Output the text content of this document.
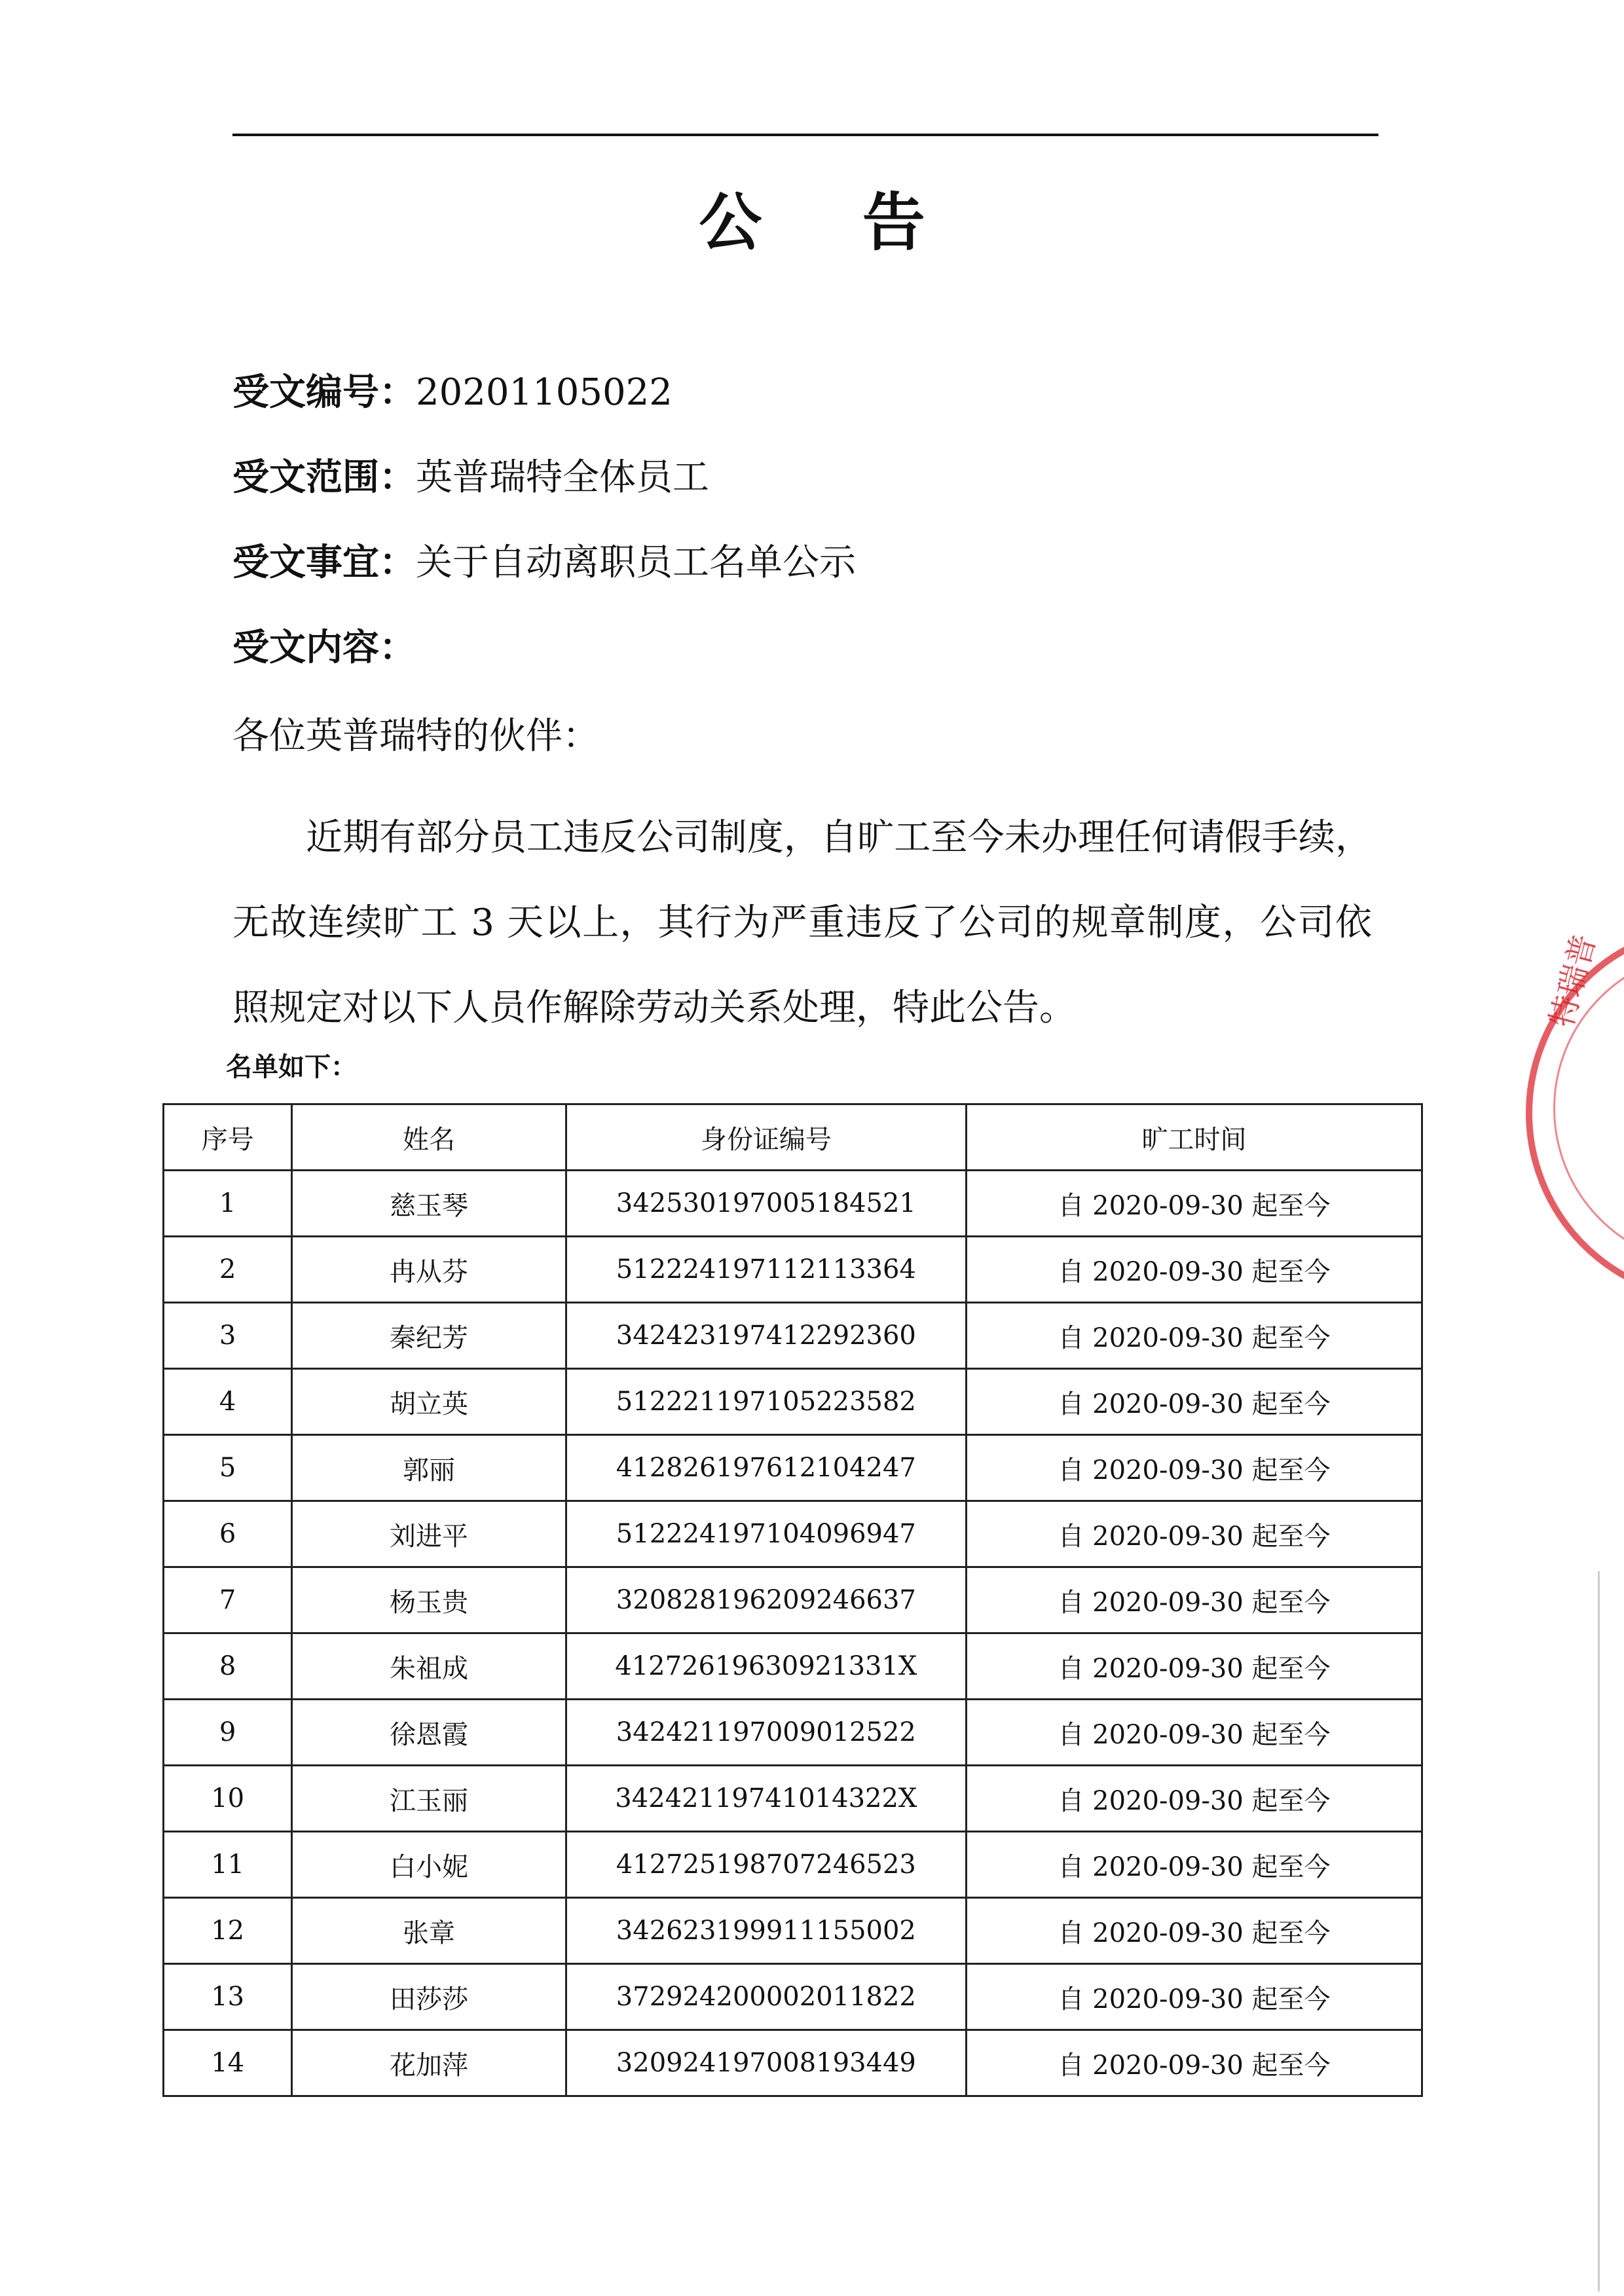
公 告
受文编号：20201105022
受文范围：英普瑞特全体员工
受文事宜：关于自动离职员工名单公示
受文内容：
各位英普瑞特的伙伴：
近期有部分员工违反公司制度，自旷工至今未办理任何请假手续，无故连续旷工 3 天以上，其行为严重违反了公司的规章制度，公司依照规定对以下人员作解除劳动关系处理，特此公告。
名单如下：
序号	姓名	身份证编号	旷工时间
1	慈玉琴	342530197005184521	自 2020-09-30 起至今
2	冉从芬	512224197112113364	自 2020-09-30 起至今
3	秦纪芳	342423197412292360	自 2020-09-30 起至今
4	胡立英	512221197105223582	自 2020-09-30 起至今
5	郭丽	412826197612104247	自 2020-09-30 起至今
6	刘进平	512224197104096947	自 2020-09-30 起至今
7	杨玉贵	320828196209246637	自 2020-09-30 起至今
8	朱祖成	41272619630921331X	自 2020-09-30 起至今
9	徐恩霞	342421197009012522	自 2020-09-30 起至今
10	江玉丽	34242119741014322X	自 2020-09-30 起至今
11	白小妮	412725198707246523	自 2020-09-30 起至今
12	张章	342623199911155002	自 2020-09-30 起至今
13	田莎莎	372924200002011822	自 2020-09-30 起至今
14	花加萍	320924197008193449	自 2020-09-30 起至今
特瑞普
